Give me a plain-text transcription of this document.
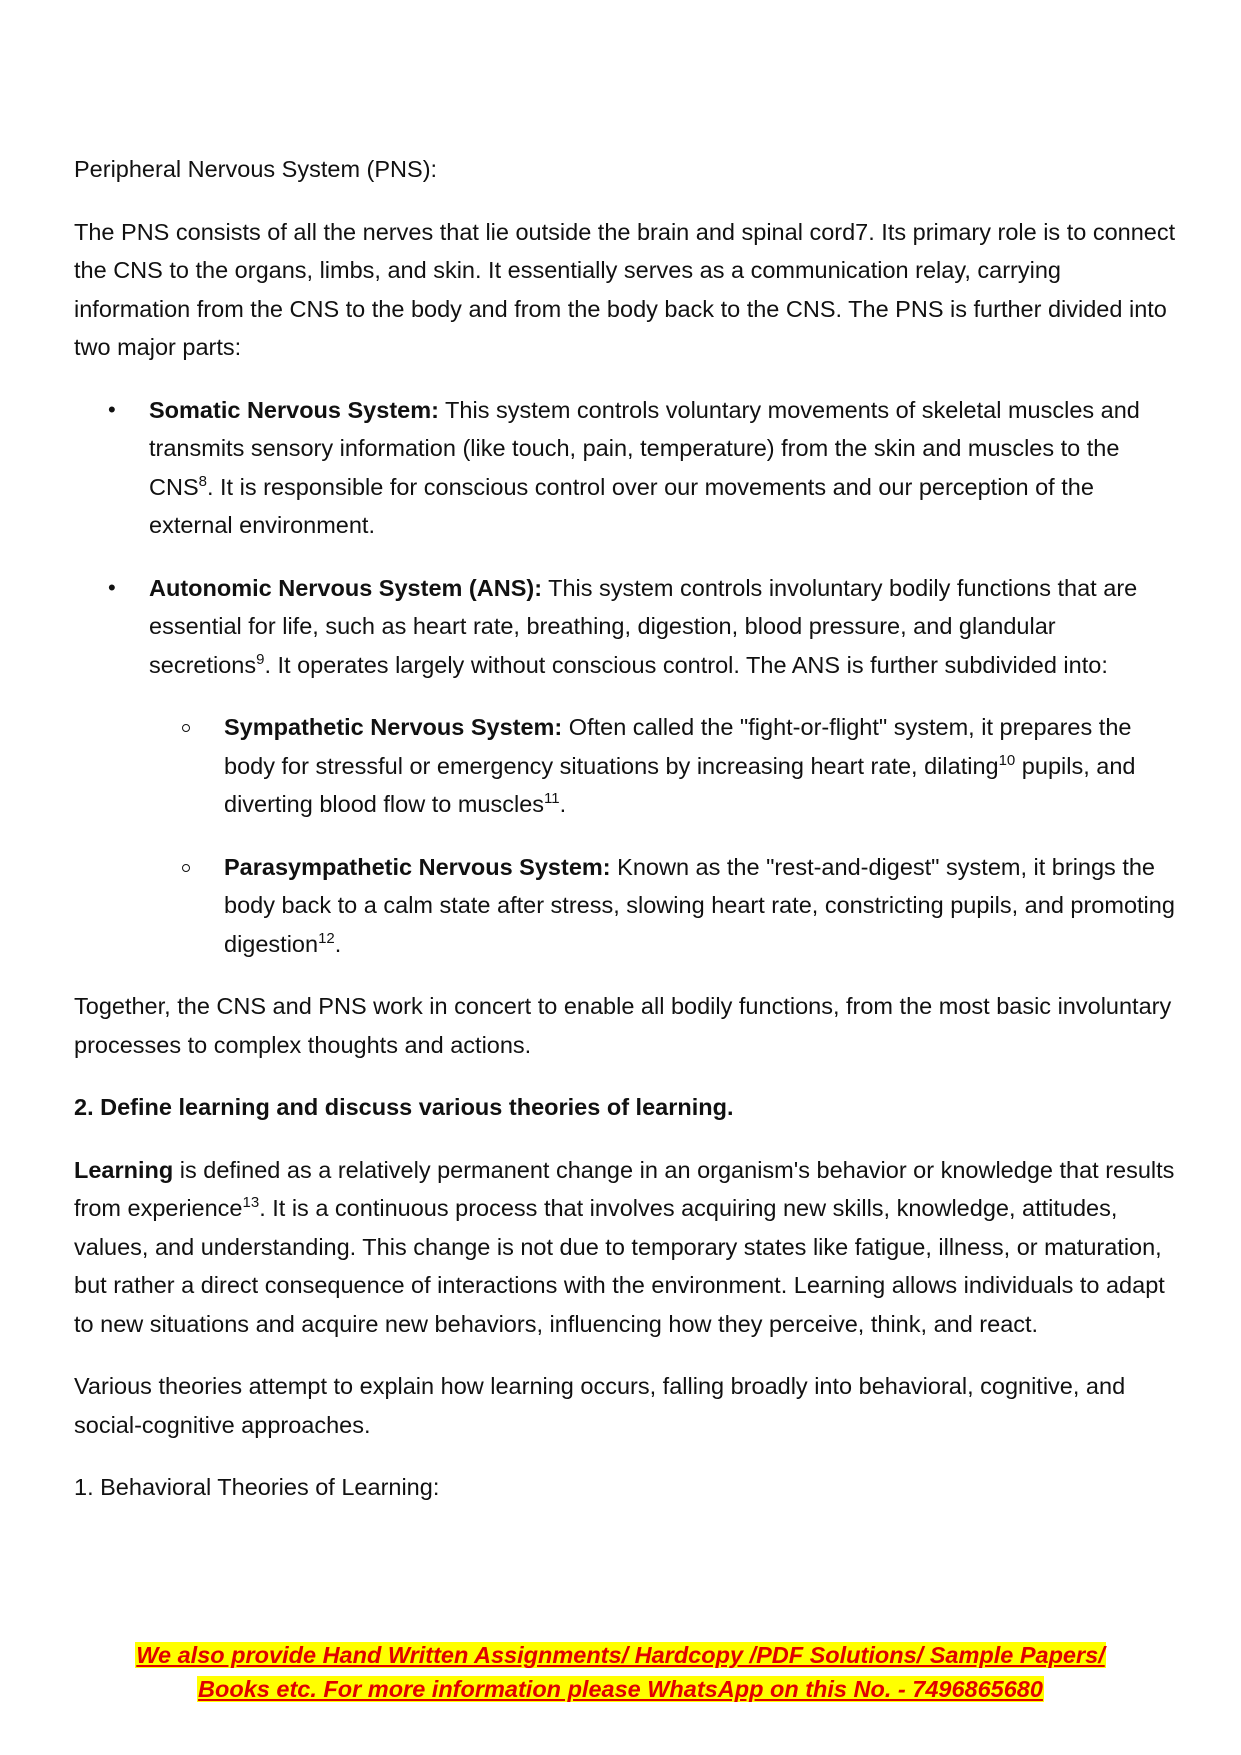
Peripheral Nervous System (PNS):

The PNS consists of all the nerves that lie outside the brain and spinal cord7. Its primary role is to connect the CNS to the organs, limbs, and skin. It essentially serves as a communication relay, carrying information from the CNS to the body and from the body back to the CNS. The PNS is further divided into two major parts:

• Somatic Nervous System: This system controls voluntary movements of skeletal muscles and transmits sensory information (like touch, pain, temperature) from the skin and muscles to the CNS$^8$. It is responsible for conscious control over our movements and our perception of the external environment.
• Autonomic Nervous System (ANS): This system controls involuntary bodily functions that are essential for life, such as heart rate, breathing, digestion, blood pressure, and glandular secretions$^9$. It operates largely without conscious control. The ANS is further subdivided into:
Sympathetic Nervous System: Often called the "fight-or-flight" system, it prepares the body for stressful or emergency situations by increasing heart rate, dilating$^{10}$ pupils, and diverting blood flow to muscles$^{11}$.
Parasympathetic Nervous System: Known as the "rest-and-digest" system, it brings the body back to a calm state after stress, slowing heart rate, constricting pupils, and promoting digestion$^{12}$.

Together, the CNS and PNS work in concert to enable all bodily functions, from the most basic involuntary processes to complex thoughts and actions.

2. Define learning and discuss various theories of learning.

Learning is defined as a relatively permanent change in an organism's behavior or knowledge that results from experience$^{13}$. It is a continuous process that involves acquiring new skills, knowledge, attitudes, values, and understanding. This change is not due to temporary states like fatigue, illness, or maturation, but rather a direct consequence of interactions with the environment. Learning allows individuals to adapt to new situations and acquire new behaviors, influencing how they perceive, think, and react.

Various theories attempt to explain how learning occurs, falling broadly into behavioral, cognitive, and social-cognitive approaches.

1. Behavioral Theories of Learning:

We also provide Hand Written Assignments/ Hardcopy /PDF Solutions/ Sample Papers/
Books etc. For more information please WhatsApp on this No. - 7496865680
